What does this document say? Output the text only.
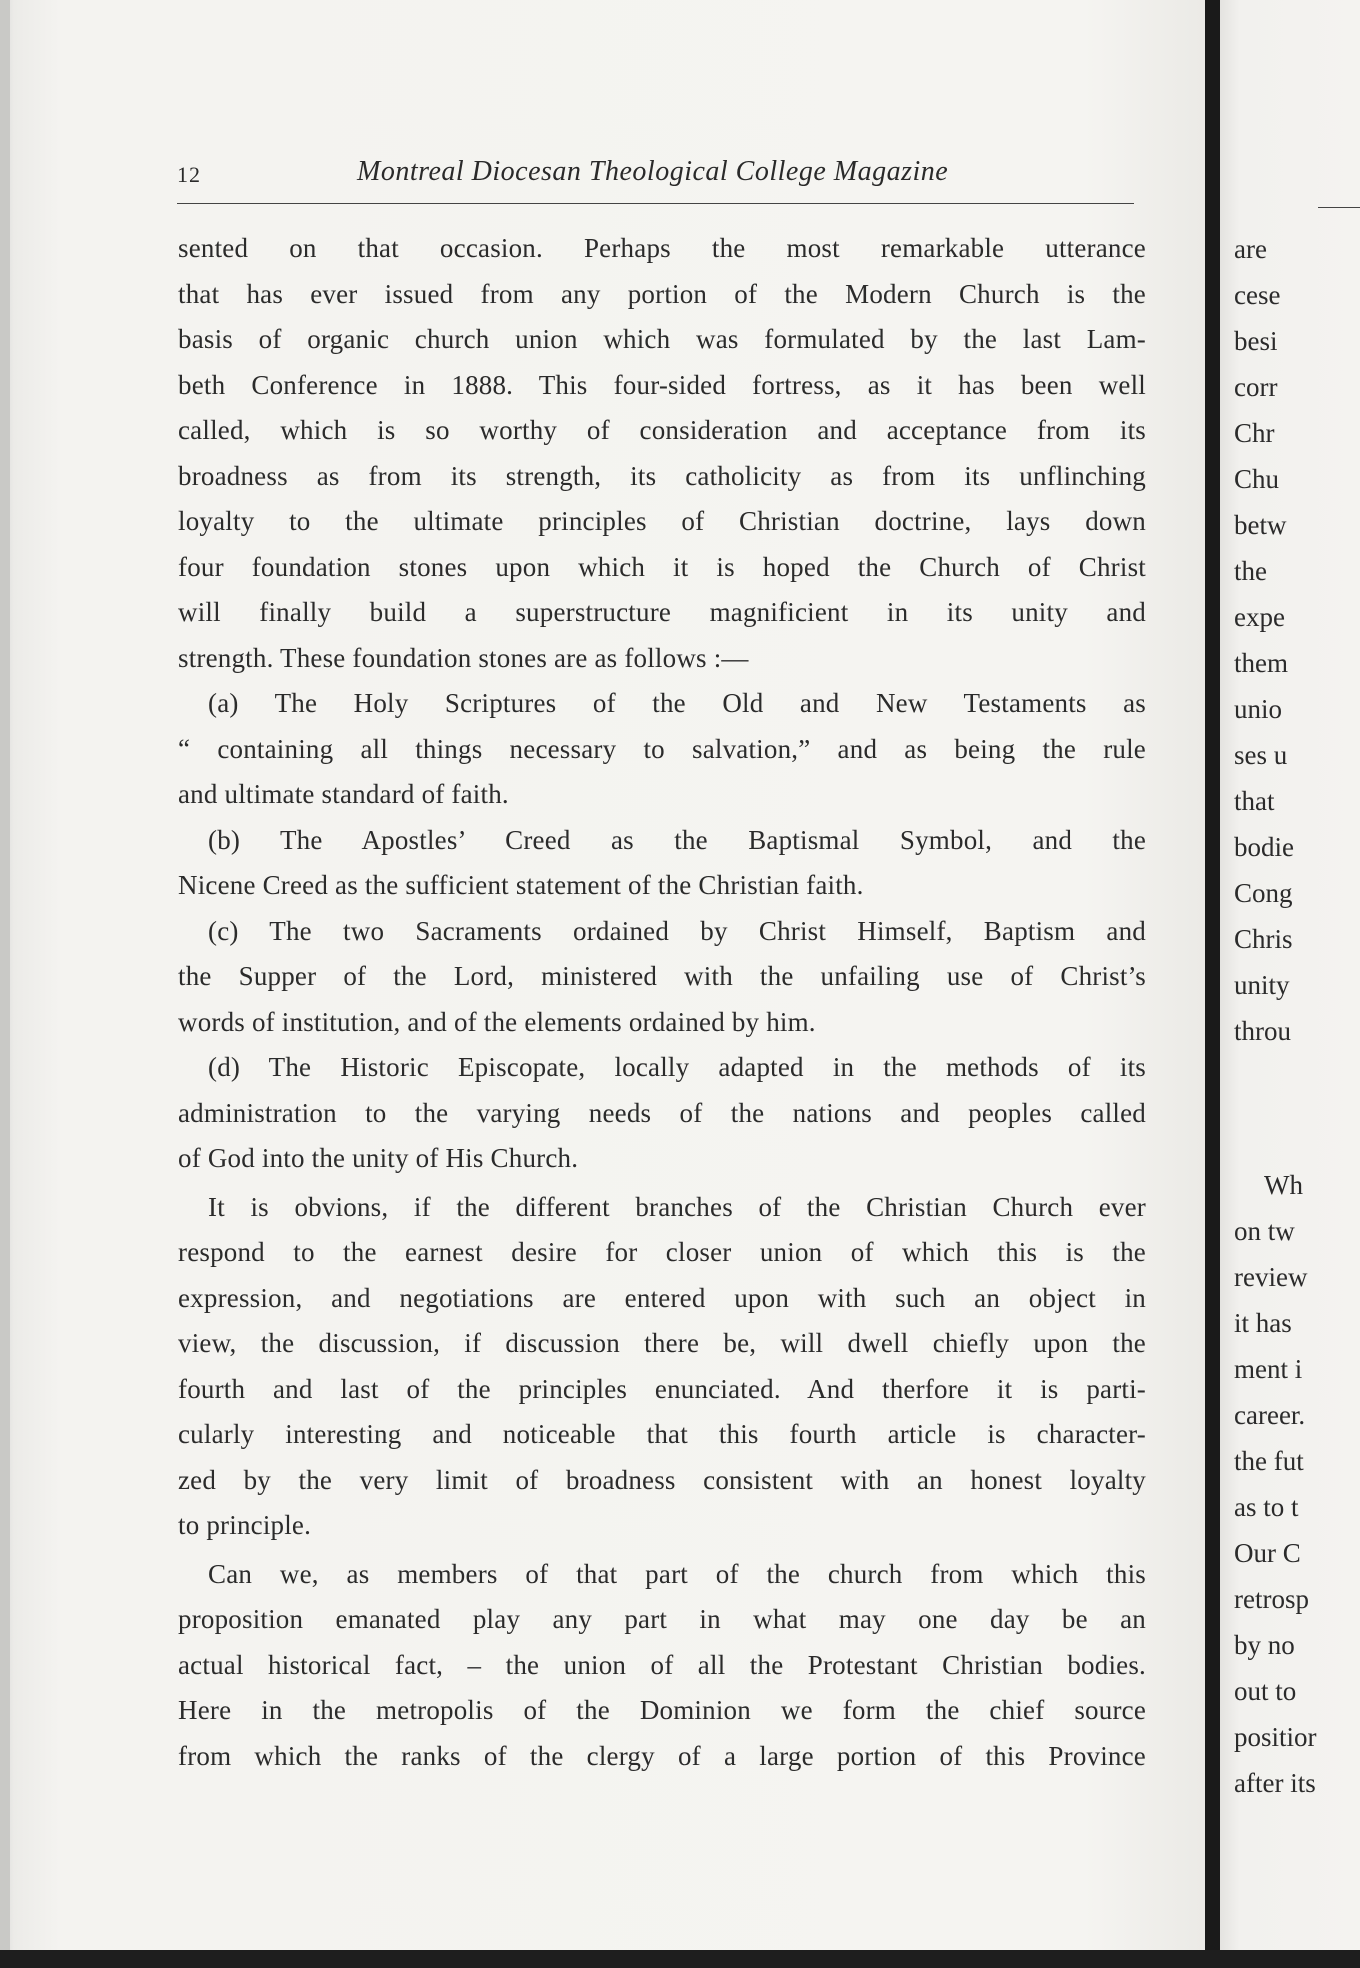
12	Montreal Diocesan Theological College Magazine
sented on that occasion. Perhaps the most remarkable utterance
that has ever issued from any portion of the Modern Church is the
basis of organic church union which was formulated by the last Lam-
beth Conference in 1888. This four-sided fortress, as it has been well
called, which is so worthy of consideration and acceptance from its
broadness as from its strength, its catholicity as from its unflinching
loyalty to the ultimate principles of Christian doctrine, lays down
four foundation stones upon which it is hoped the Church of Christ
will finally build a superstructure magnificient in its unity and
strength. These foundation stones are as follows :—
(a) The Holy Scriptures of the Old and New Testaments as
“ containing all things necessary to salvation,” and as being the rule
and ultimate standard of faith.
(b) The Apostles’ Creed as the Baptismal Symbol, and the
Nicene Creed as the sufficient statement of the Christian faith.
(c) The two Sacraments ordained by Christ Himself, Baptism and
the Supper of the Lord, ministered with the unfailing use of Christ’s
words of institution, and of the elements ordained by him.
(d) The Historic Episcopate, locally adapted in the methods of its
administration to the varying needs of the nations and peoples called
of God into the unity of His Church.
It is obvions, if the different branches of the Christian Church ever
respond to the earnest desire for closer union of which this is the
expression, and negotiations are entered upon with such an object in
view, the discussion, if discussion there be, will dwell chiefly upon the
fourth and last of the principles enunciated. And therfore it is parti-
cularly interesting and noticeable that this fourth article is character-
zed by the very limit of broadness consistent with an honest loyalty
to principle.
Can we, as members of that part of the church from which this
proposition emanated play any part in what may one day be an
actual historical fact, – the union of all the Protestant Christian bodies.
Here in the metropolis of the Dominion we form the chief source
from which the ranks of the clergy of a large portion of this Province
are
cese
besi
corr
Chr
Chu
betw
the
expe
them
unio
ses u
that
bodie
Cong
Chris
unity
throu
Wh
on tw
review
it has
ment i
career.
the fut
as to t
Our C
retrosp
by no
out to
positior
after its
